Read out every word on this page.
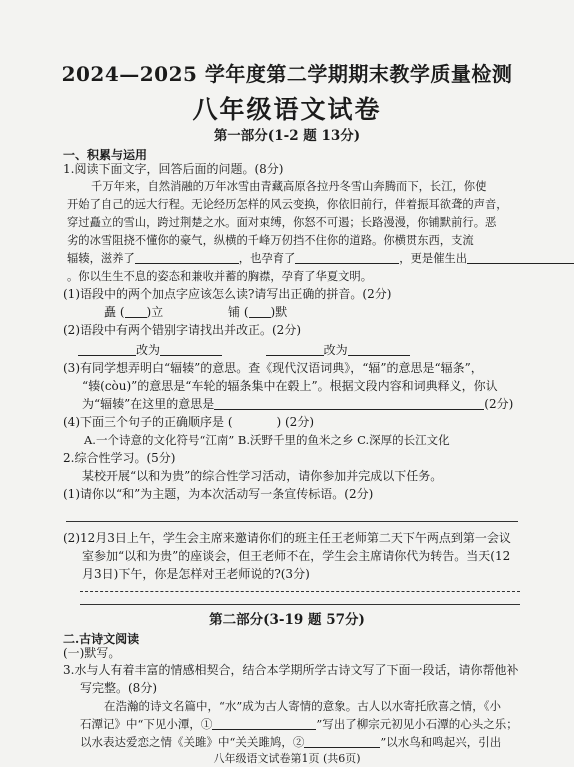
2024—2025 学年度第二学期期末教学质量检测
八年级语文试卷
第一部分(1-2 题 13分)
一、积累与运用
1.阅读下面文字，回答后面的问题。(8分)
千万年来，自然消融的万年冰雪由青藏高原各拉丹冬雪山奔腾而下，长江，你使
开始了自己的远大行程。无论经历怎样的风云变换，你依旧前行，伴着振耳欲聋的声音，
穿过矗立的雪山，跨过荆楚之水。面对束缚，你怒不可遏；长路漫漫，你铺默前行。恶
劣的冰雪阻挠不懂你的豪气，纵横的千峰万仞挡不住你的道路。你横贯东西，支流
辐辏，滋养了	，也孕育了	，更是催生出
。你以生生不息的姿态和兼收并蓄的胸襟，孕育了华夏文明。
(1)语段中的两个加点字应该怎么读?请写出正确的拼音。(2分)
矗 ( )立	铺 ( )默
(2)语段中有两个错别字请找出并改正。(2分)
改为	改为
(3)有同学想弄明白“辐辏”的意思。查《现代汉语词典》，“辐”的意思是“辐条”，
“辏(còu)”的意思是“车轮的辐条集中在毂上”。根据文段内容和词典释义，你认
为“辐辏”在这里的意思是	(2分)
(4)下面三个句子的正确顺序是 (	) (2分)
A.一个诗意的文化符号“江南” B.沃野千里的鱼米之乡 C.深厚的长江文化
2.综合性学习。(5分)
某校开展“以和为贵”的综合性学习活动，请你参加并完成以下任务。
(1)请你以“和”为主题，为本次活动写一条宣传标语。(2分)
(2)12月3日上午，学生会主席来邀请你们的班主任王老师第二天下午两点到第一会议
室参加“以和为贵”的座谈会，但王老师不在，学生会主席请你代为转告。当天(12
月3日)下午，你是怎样对王老师说的?(3分)
第二部分(3-19 题 57分)
二.古诗文阅读
(一)默写。
3.水与人有着丰富的情感相契合，结合本学期所学古诗文写了下面一段话，请你帮他补
写完整。(8分)
在浩瀚的诗文名篇中，“水”成为古人寄情的意象。古人以水寄托欣喜之情，《小
石潭记》中“下见小潭，①	”写出了柳宗元初见小石潭的心头之乐；
以水表达爱恋之情《关雎》中“关关雎鸠，②	”以水鸟和鸣起兴，引出
八年级语文试卷第1页 (共6页)
